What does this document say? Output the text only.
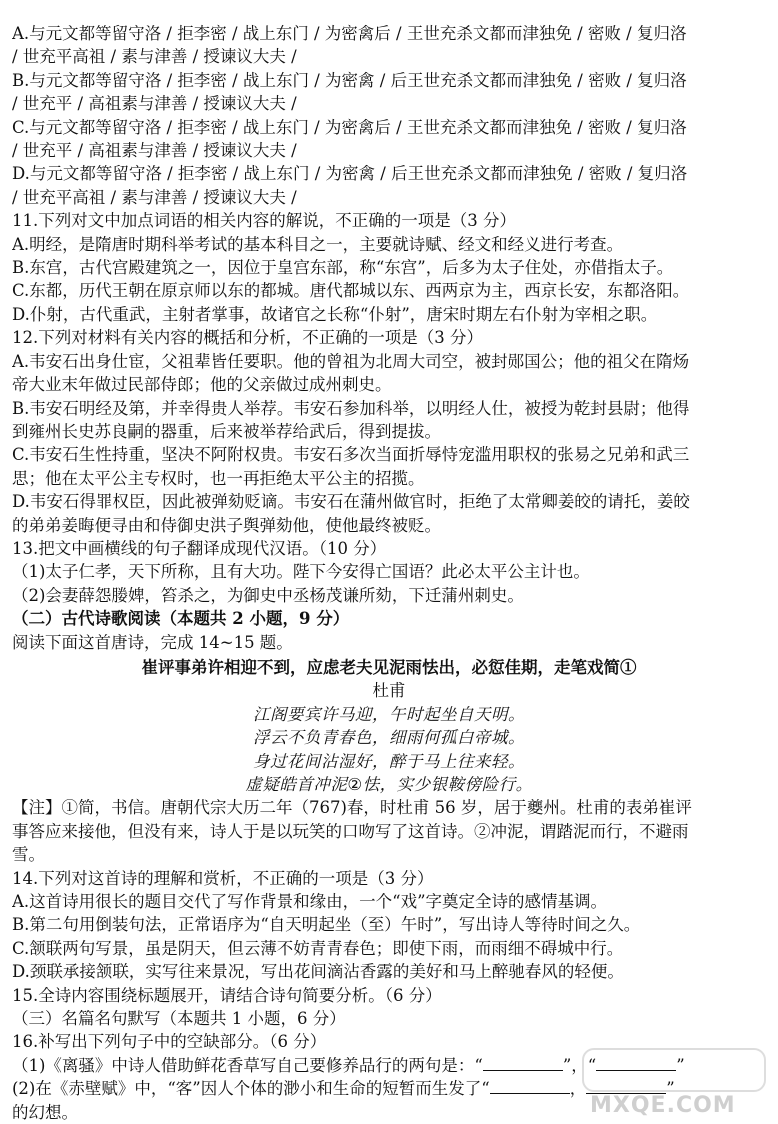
A.与元文都等留守洛 / 拒李密 / 战上东门 / 为密禽后 / 王世充杀文都而津独免 / 密败 / 复归洛
/ 世充平高祖 / 素与津善 / 授谏议大夫 /
B.与元文都等留守洛 / 拒李密 / 战上东门 / 为密禽 / 后王世充杀文都而津独免 / 密败 / 复归洛
/ 世充平 / 高祖素与津善 / 授谏议大夫 /
C.与元文都等留守洛 / 拒李密 / 战上东门 / 为密禽后 / 王世充杀文都而津独免 / 密败 / 复归洛
/ 世充平 / 高祖素与津善 / 授谏议大夫 /
D.与元文都等留守洛 / 拒李密 / 战上东门 / 为密禽 / 后王世充杀文都而津独免 / 密败 / 复归洛
/ 世充平高祖 / 素与津善 / 授谏议大夫 /
11.下列对文中加点词语的相关内容的解说，不正确的一项是（3 分）
A.明经，是隋唐时期科举考试的基本科目之一，主要就诗赋、经文和经义进行考查。
B.东宫，古代宫殿建筑之一，因位于皇宫东部，称“东宫”，后多为太子住处，亦借指太子。
C.东都，历代王朝在原京师以东的都城。唐代都城以东、西两京为主，西京长安，东都洛阳。
D.仆射，古代重武，主射者掌事，故诸官之长称“仆射”，唐宋时期左右仆射为宰相之职。
12.下列对材料有关内容的概括和分析，不正确的一项是（3 分）
A.韦安石出身仕宦，父祖辈皆任要职。他的曾祖为北周大司空，被封郧国公；他的祖父在隋炀
帝大业末年做过民部侍郎；他的父亲做过成州刺史。
B.韦安石明经及第，并幸得贵人举荐。韦安石参加科举，以明经人仕，被授为乾封县尉；他得
到雍州长史苏良嗣的器重，后来被举荐给武后，得到提拔。
C.韦安石生性持重，坚决不阿附权贵。韦安石多次当面折辱恃宠滥用职权的张易之兄弟和武三
思；他在太平公主专权时，也一再拒绝太平公主的招揽。
D.韦安石得罪权臣，因此被弹劾贬谪。韦安石在蒲州做官时，拒绝了太常卿姜皎的请托，姜皎
的弟弟姜晦便寻由和侍御史洪子舆弹劾他，使他最终被贬。
13.把文中画横线的句子翻译成现代汉语。（10 分）
（1)太子仁孝，天下所称，且有大功。陛下今安得亡国语？此必太平公主计也。
（2)会妻薛怨媵婢，笞杀之，为御史中丞杨茂谦所劾，下迁蒲州刺史。
（二）古代诗歌阅读（本题共 2 小题，9 分）
阅读下面这首唐诗，完成 14~15 题。
崔评事弟许相迎不到，应虑老夫见泥雨怯出，必愆佳期，走笔戏简①
杜甫
江阁要宾许马迎，午时起坐自天明。
浮云不负青春色，细雨何孤白帝城。
身过花间沾湿好，醉于马上往来轻。
虚疑皓首冲泥②怯，实少银鞍傍险行。
【注】①简，书信。唐朝代宗大历二年（767)春，时杜甫 56 岁，居于夔州。杜甫的表弟崔评
事答应来接他，但没有来，诗人于是以玩笑的口吻写了这首诗。②冲泥，谓踏泥而行，不避雨
雪。
14.下列对这首诗的理解和赏析，不正确的一项是（3 分）
A.这首诗用很长的题目交代了写作背景和缘由，一个“戏”字奠定全诗的感情基调。
B.第二句用倒装句法，正常语序为“自天明起坐（至）午时”，写出诗人等待时间之久。
C.颔联两句写景，虽是阴天，但云薄不妨青青春色；即使下雨，而雨细不碍城中行。
D.颈联承接颔联，实写往来景况，写出花间滴沾香露的美好和马上醉驰春风的轻便。
15.全诗内容围绕标题展开，请结合诗句简要分析。（6 分）
（三）名篇名句默写（本题共 1 小题，6 分）
16.补写出下列句子中的空缺部分。（6 分）
（1)《离骚》中诗人借助鲜花香草写自己要修养品行的两句是：“	”，“	”
(2)在《赤壁赋》中，“客”因人个体的渺小和生命的短暂而生发了“	，	”
的幻想。	MXQE.COM
